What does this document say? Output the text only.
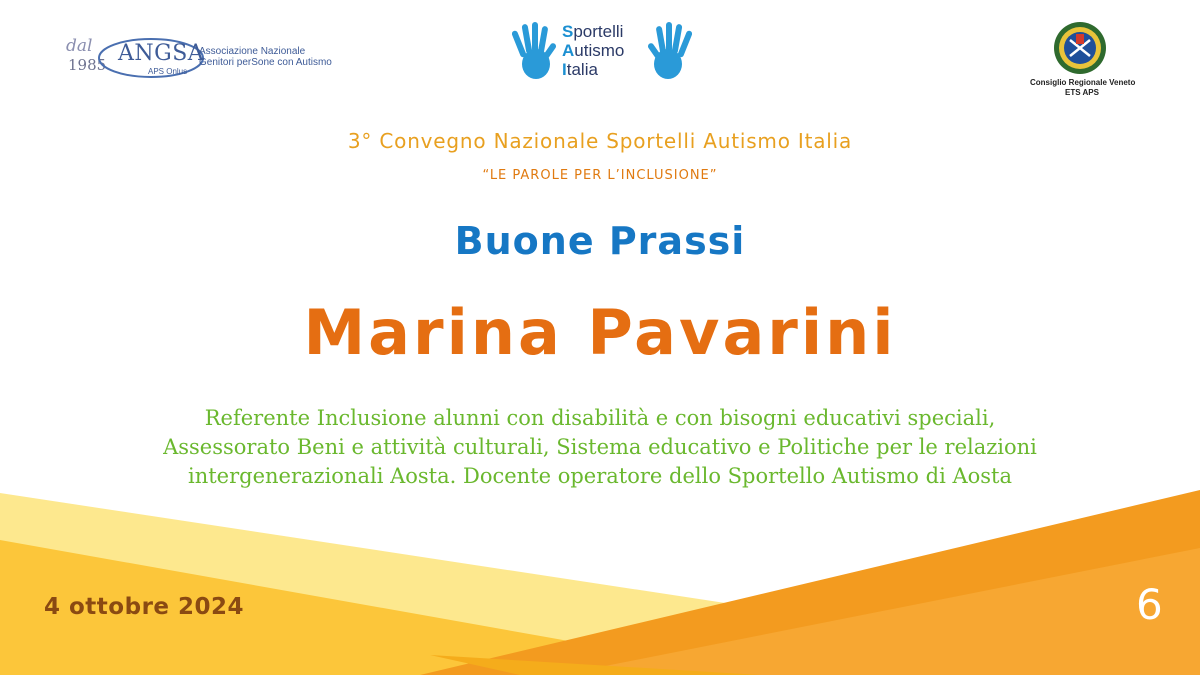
dal
1985 ANGSA
APS Onlus
Associazione Nazionale
Genitori perSone con Autismo
Sportelli
Autismo
Italia
Consiglio Regionale Veneto
ETS APS
3° Convegno Nazionale Sportelli Autismo Italia
“LE PAROLE PER L’INCLUSIONE”
Buone Prassi
Marina Pavarini
Referente Inclusione alunni con disabilità e con bisogni educativi speciali,
Assessorato Beni e attività culturali, Sistema educativo e Politiche per le relazioni
intergenerazionali Aosta. Docente operatore dello Sportello Autismo di Aosta
4 ottobre 2024	6
